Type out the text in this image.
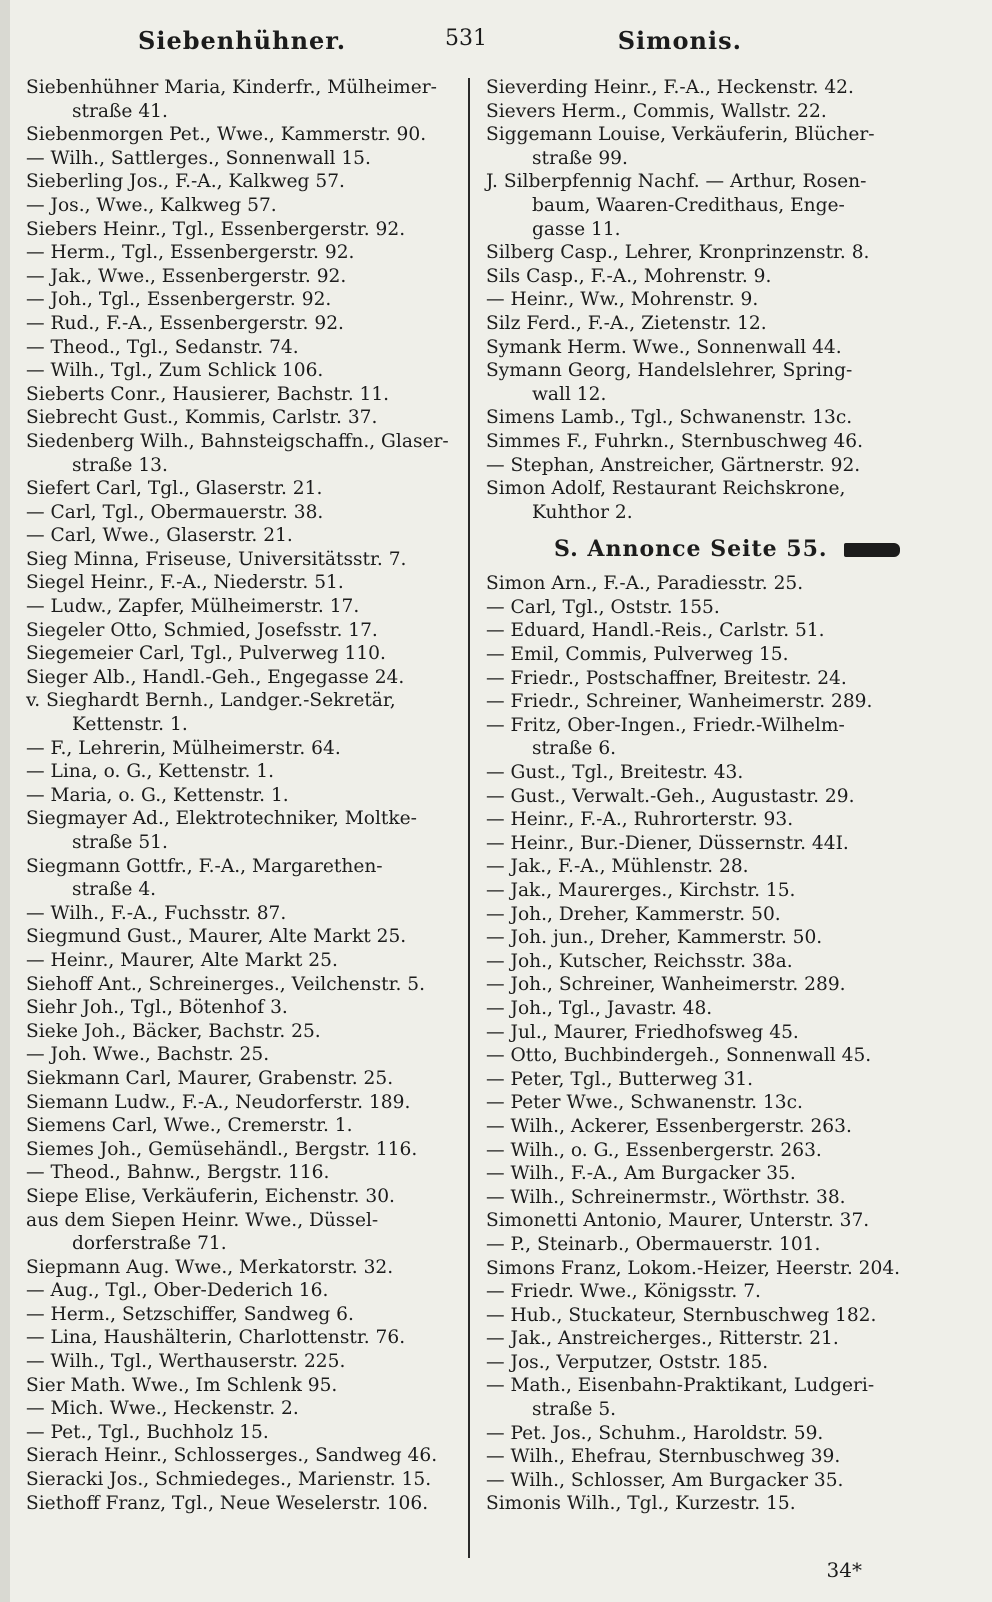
Siebenhühner.	531	Simonis.
Siebenhühner Maria, Kinderfr., Mülheimer-
straße 41.
Siebenmorgen Pet., Wwe., Kammerstr. 90.
— Wilh., Sattlerges., Sonnenwall 15.
Sieberling Jos., F.-A., Kalkweg 57.
— Jos., Wwe., Kalkweg 57.
Siebers Heinr., Tgl., Essenbergerstr. 92.
— Herm., Tgl., Essenbergerstr. 92.
— Jak., Wwe., Essenbergerstr. 92.
— Joh., Tgl., Essenbergerstr. 92.
— Rud., F.-A., Essenbergerstr. 92.
— Theod., Tgl., Sedanstr. 74.
— Wilh., Tgl., Zum Schlick 106.
Sieberts Conr., Hausierer, Bachstr. 11.
Siebrecht Gust., Kommis, Carlstr. 37.
Siedenberg Wilh., Bahnsteigschaffn., Glaser-
straße 13.
Siefert Carl, Tgl., Glaserstr. 21.
— Carl, Tgl., Obermauerstr. 38.
— Carl, Wwe., Glaserstr. 21.
Sieg Minna, Friseuse, Universitätsstr. 7.
Siegel Heinr., F.-A., Niederstr. 51.
— Ludw., Zapfer, Mülheimerstr. 17.
Siegeler Otto, Schmied, Josefsstr. 17.
Siegemeier Carl, Tgl., Pulverweg 110.
Sieger Alb., Handl.-Geh., Engegasse 24.
v. Sieghardt Bernh., Landger.-Sekretär,
Kettenstr. 1.
— F., Lehrerin, Mülheimerstr. 64.
— Lina, o. G., Kettenstr. 1.
— Maria, o. G., Kettenstr. 1.
Siegmayer Ad., Elektrotechniker, Moltke-
straße 51.
Siegmann Gottfr., F.-A., Margarethen-
straße 4.
— Wilh., F.-A., Fuchsstr. 87.
Siegmund Gust., Maurer, Alte Markt 25.
— Heinr., Maurer, Alte Markt 25.
Siehoff Ant., Schreinerges., Veilchenstr. 5.
Siehr Joh., Tgl., Bötenhof 3.
Sieke Joh., Bäcker, Bachstr. 25.
— Joh. Wwe., Bachstr. 25.
Siekmann Carl, Maurer, Grabenstr. 25.
Siemann Ludw., F.-A., Neudorferstr. 189.
Siemens Carl, Wwe., Cremerstr. 1.
Siemes Joh., Gemüsehändl., Bergstr. 116.
— Theod., Bahnw., Bergstr. 116.
Siepe Elise, Verkäuferin, Eichenstr. 30.
aus dem Siepen Heinr. Wwe., Düssel-
dorferstraße 71.
Siepmann Aug. Wwe., Merkatorstr. 32.
— Aug., Tgl., Ober-Dederich 16.
— Herm., Setzschiffer, Sandweg 6.
— Lina, Haushälterin, Charlottenstr. 76.
— Wilh., Tgl., Werthauserstr. 225.
Sier Math. Wwe., Im Schlenk 95.
— Mich. Wwe., Heckenstr. 2.
— Pet., Tgl., Buchholz 15.
Sierach Heinr., Schlosserges., Sandweg 46.
Sieracki Jos., Schmiedeges., Marienstr. 15.
Siethoff Franz, Tgl., Neue Weselerstr. 106.
Sieverding Heinr., F.-A., Heckenstr. 42.
Sievers Herm., Commis, Wallstr. 22.
Siggemann Louise, Verkäuferin, Blücher-
straße 99.
J. Silberpfennig Nachf. — Arthur, Rosen-
baum, Waaren-Credithaus, Enge-
gasse 11.
Silberg Casp., Lehrer, Kronprinzenstr. 8.
Sils Casp., F.-A., Mohrenstr. 9.
— Heinr., Ww., Mohrenstr. 9.
Silz Ferd., F.-A., Zietenstr. 12.
Symank Herm. Wwe., Sonnenwall 44.
Symann Georg, Handelslehrer, Spring-
wall 12.
Simens Lamb., Tgl., Schwanenstr. 13c.
Simmes F., Fuhrkn., Sternbuschweg 46.
— Stephan, Anstreicher, Gärtnerstr. 92.
Simon Adolf, Restaurant Reichskrone,
Kuhthor 2.
S. Annonce Seite 55.
Simon Arn., F.-A., Paradiesstr. 25.
— Carl, Tgl., Oststr. 155.
— Eduard, Handl.-Reis., Carlstr. 51.
— Emil, Commis, Pulverweg 15.
— Friedr., Postschaffner, Breitestr. 24.
— Friedr., Schreiner, Wanheimerstr. 289.
— Fritz, Ober-Ingen., Friedr.-Wilhelm-
straße 6.
— Gust., Tgl., Breitestr. 43.
— Gust., Verwalt.-Geh., Augustastr. 29.
— Heinr., F.-A., Ruhrorterstr. 93.
— Heinr., Bur.-Diener, Düssernstr. 44I.
— Jak., F.-A., Mühlenstr. 28.
— Jak., Maurerges., Kirchstr. 15.
— Joh., Dreher, Kammerstr. 50.
— Joh. jun., Dreher, Kammerstr. 50.
— Joh., Kutscher, Reichsstr. 38a.
— Joh., Schreiner, Wanheimerstr. 289.
— Joh., Tgl., Javastr. 48.
— Jul., Maurer, Friedhofsweg 45.
— Otto, Buchbindergeh., Sonnenwall 45.
— Peter, Tgl., Butterweg 31.
— Peter Wwe., Schwanenstr. 13c.
— Wilh., Ackerer, Essenbergerstr. 263.
— Wilh., o. G., Essenbergerstr. 263.
— Wilh., F.-A., Am Burgacker 35.
— Wilh., Schreinermstr., Wörthstr. 38.
Simonetti Antonio, Maurer, Unterstr. 37.
— P., Steinarb., Obermauerstr. 101.
Simons Franz, Lokom.-Heizer, Heerstr. 204.
— Friedr. Wwe., Königsstr. 7.
— Hub., Stuckateur, Sternbuschweg 182.
— Jak., Anstreicherges., Ritterstr. 21.
— Jos., Verputzer, Oststr. 185.
— Math., Eisenbahn-Praktikant, Ludgeri-
straße 5.
— Pet. Jos., Schuhm., Haroldstr. 59.
— Wilh., Ehefrau, Sternbuschweg 39.
— Wilh., Schlosser, Am Burgacker 35.
Simonis Wilh., Tgl., Kurzestr. 15.
34*
